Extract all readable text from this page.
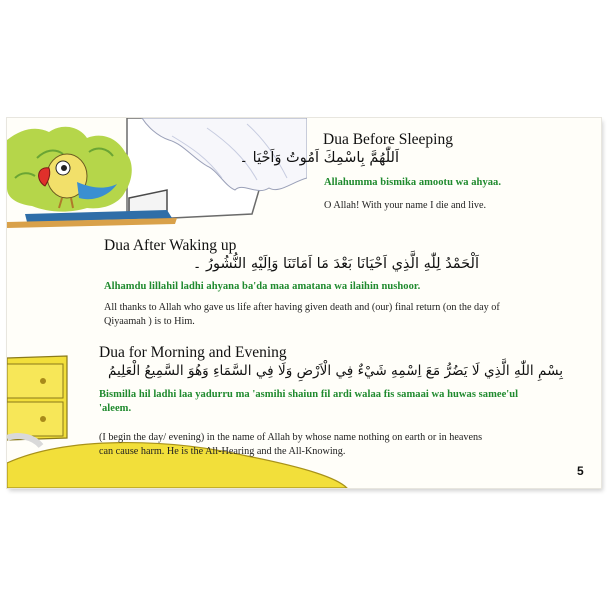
Dua Before Sleeping
اَللّٰهُمَّ بِاسْمِكَ اَمُوتُ وَاَحْيَا ۔
Allahumma bismika amootu wa ahyaa.
O Allah! With your name I die and live.
Dua After Waking up
اَلْحَمْدُ لِلّٰهِ الَّذِي اَحْيَانَا بَعْدَ مَا اَمَاتَنَا وَاِلَيْهِ النُّشُورُ ۔
Alhamdu lillahil ladhi ahyana ba'da maa amatana wa ilaihin nushoor.
All thanks to Allah who gave us life after having given death and (our) final return (on the day of
Qiyaamah ) is to Him.
Dua for Morning and Evening
بِسْمِ اللّٰهِ الَّذِي لَا يَضُرُّ مَعَ اِسْمِهِ شَيْءٌ فِي الْاَرْضِ وَلَا فِي السَّمَاءِ وَهُوَ السَّمِيعُ الْعَلِيمُ
Bismilla hil ladhi laa yadurru ma 'asmihi shaiun fil ardi walaa fis samaai wa huwas samee'ul
'aleem.
(I begin the day/ evening) in the name of Allah by whose name nothing on earth or in heavens
can cause harm. He is the All-Hearing and the All-Knowing.
5
